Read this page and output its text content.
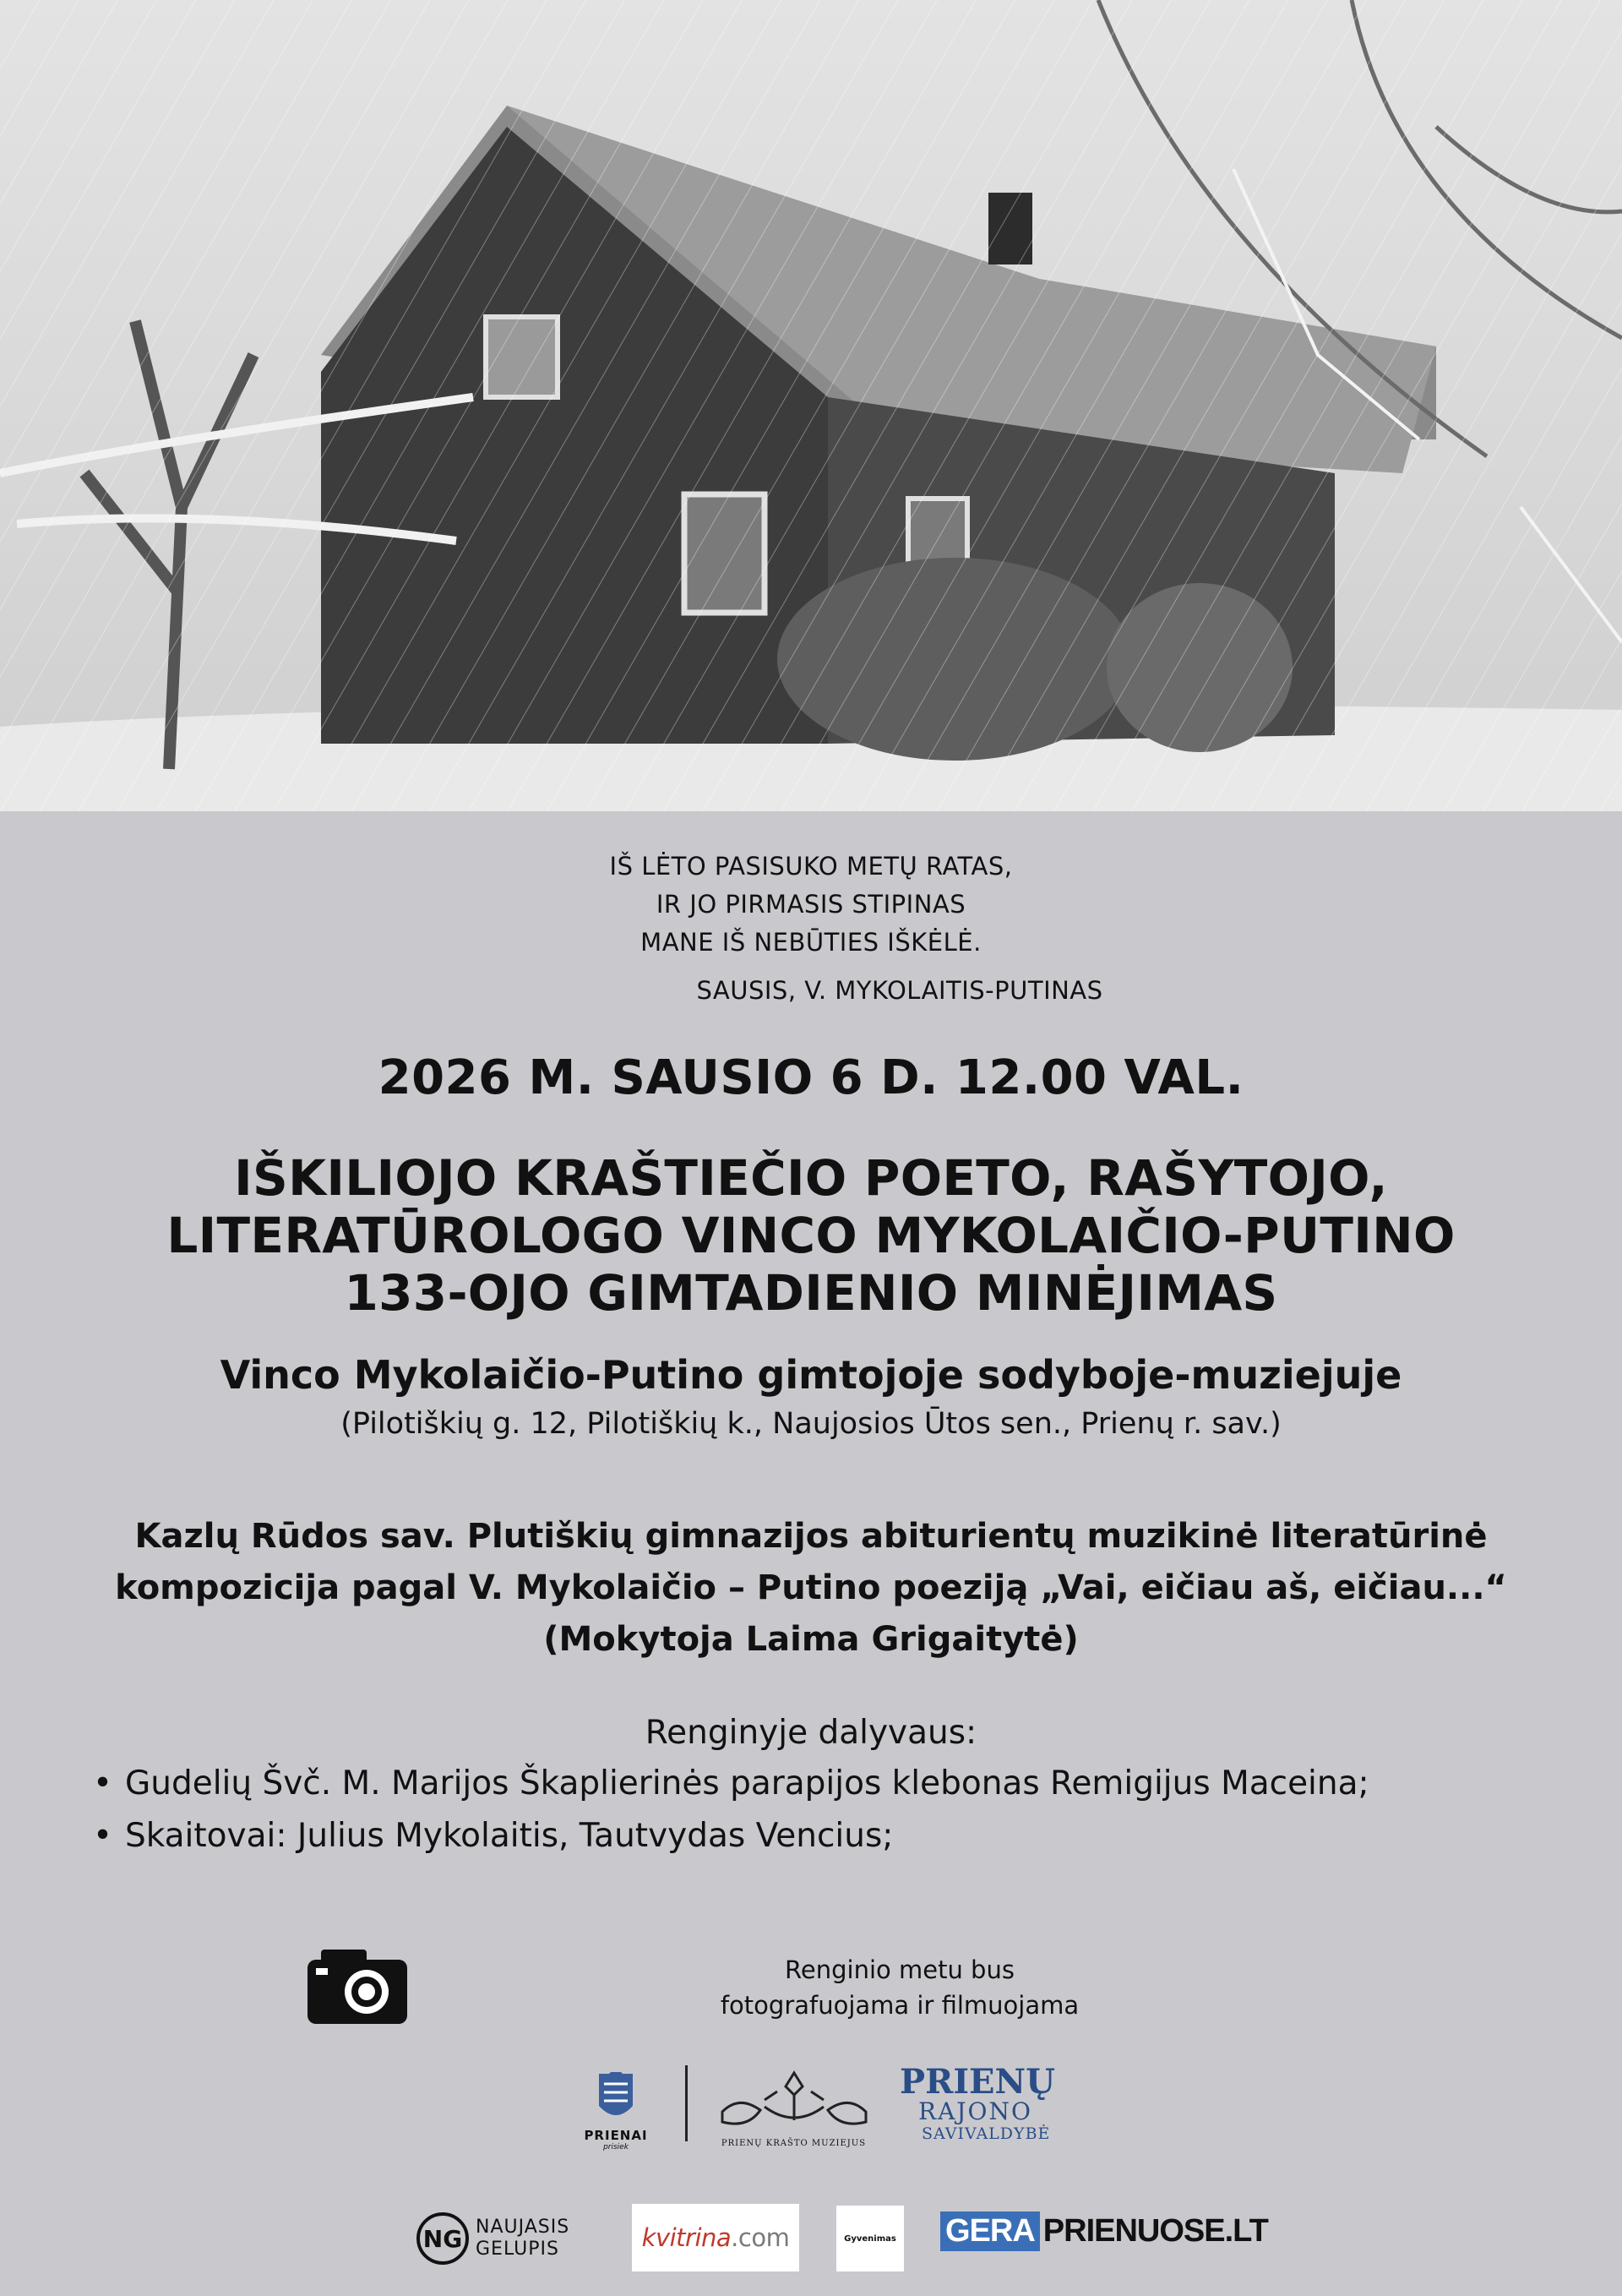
IŠ LĖTO PASISUKO METŲ RATAS,
IR JO PIRMASIS STIPINAS
MANE IŠ NEBŪTIES IŠKĖLĖ.
SAUSIS, V. MYKOLAITIS-PUTINAS
2026 M. SAUSIO 6 D. 12.00 VAL.
IŠKILIOJO KRAŠTIEČIO POETO, RAŠYTOJO,
LITERATŪROLOGO VINCO MYKOLAIČIO-PUTINO
133-OJO GIMTADIENIO MINĖJIMAS
Vinco Mykolaičio-Putino gimtojoje sodyboje-muziejuje
(Pilotiškių g. 12, Pilotiškių k., Naujosios Ūtos sen., Prienų r. sav.)
Kazlų Rūdos sav. Plutiškių gimnazijos abiturientų muzikinė literatūrinė
kompozicija pagal V. Mykolaičio – Putino poeziją „Vai, eičiau aš, eičiau...“
(Mokytoja Laima Grigaitytė)
Renginyje dalyvaus:
• Gudelių Švč. M. Marijos Škaplierinės parapijos klebonas Remigijus Maceina;
• Skaitovai: Julius Mykolaitis, Tautvydas Vencius;
Renginio metu bus
fotografuojama ir filmuojama
PRIENAI
prisiek	PRIENŲ KRAŠTO MUZIEJUS
PRIENŲ
RAJONO
SAVIVALDYBĖ
NG NAUJASIS
GELUPIS	kvitrina .com	Gyvenimas GERA PRIENUOSE.LT
